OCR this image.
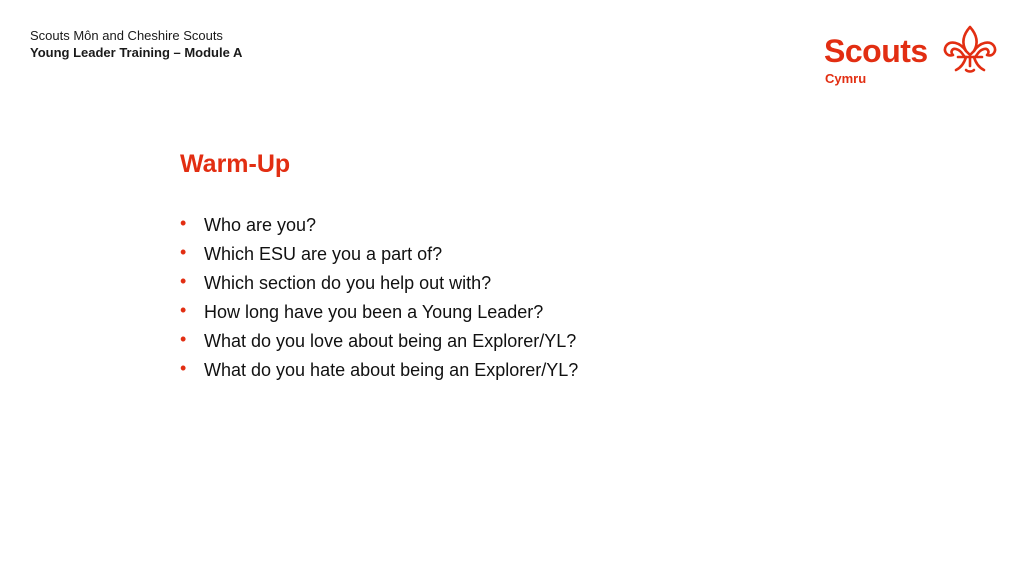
Scouts Môn and Cheshire Scouts
Young Leader Training – Module A	Scouts
Cymru
Warm-Up
• Who are you?
• Which ESU are you a part of?
• Which section do you help out with?
• How long have you been a Young Leader?
• What do you love about being an Explorer/YL?
• What do you hate about being an Explorer/YL?
